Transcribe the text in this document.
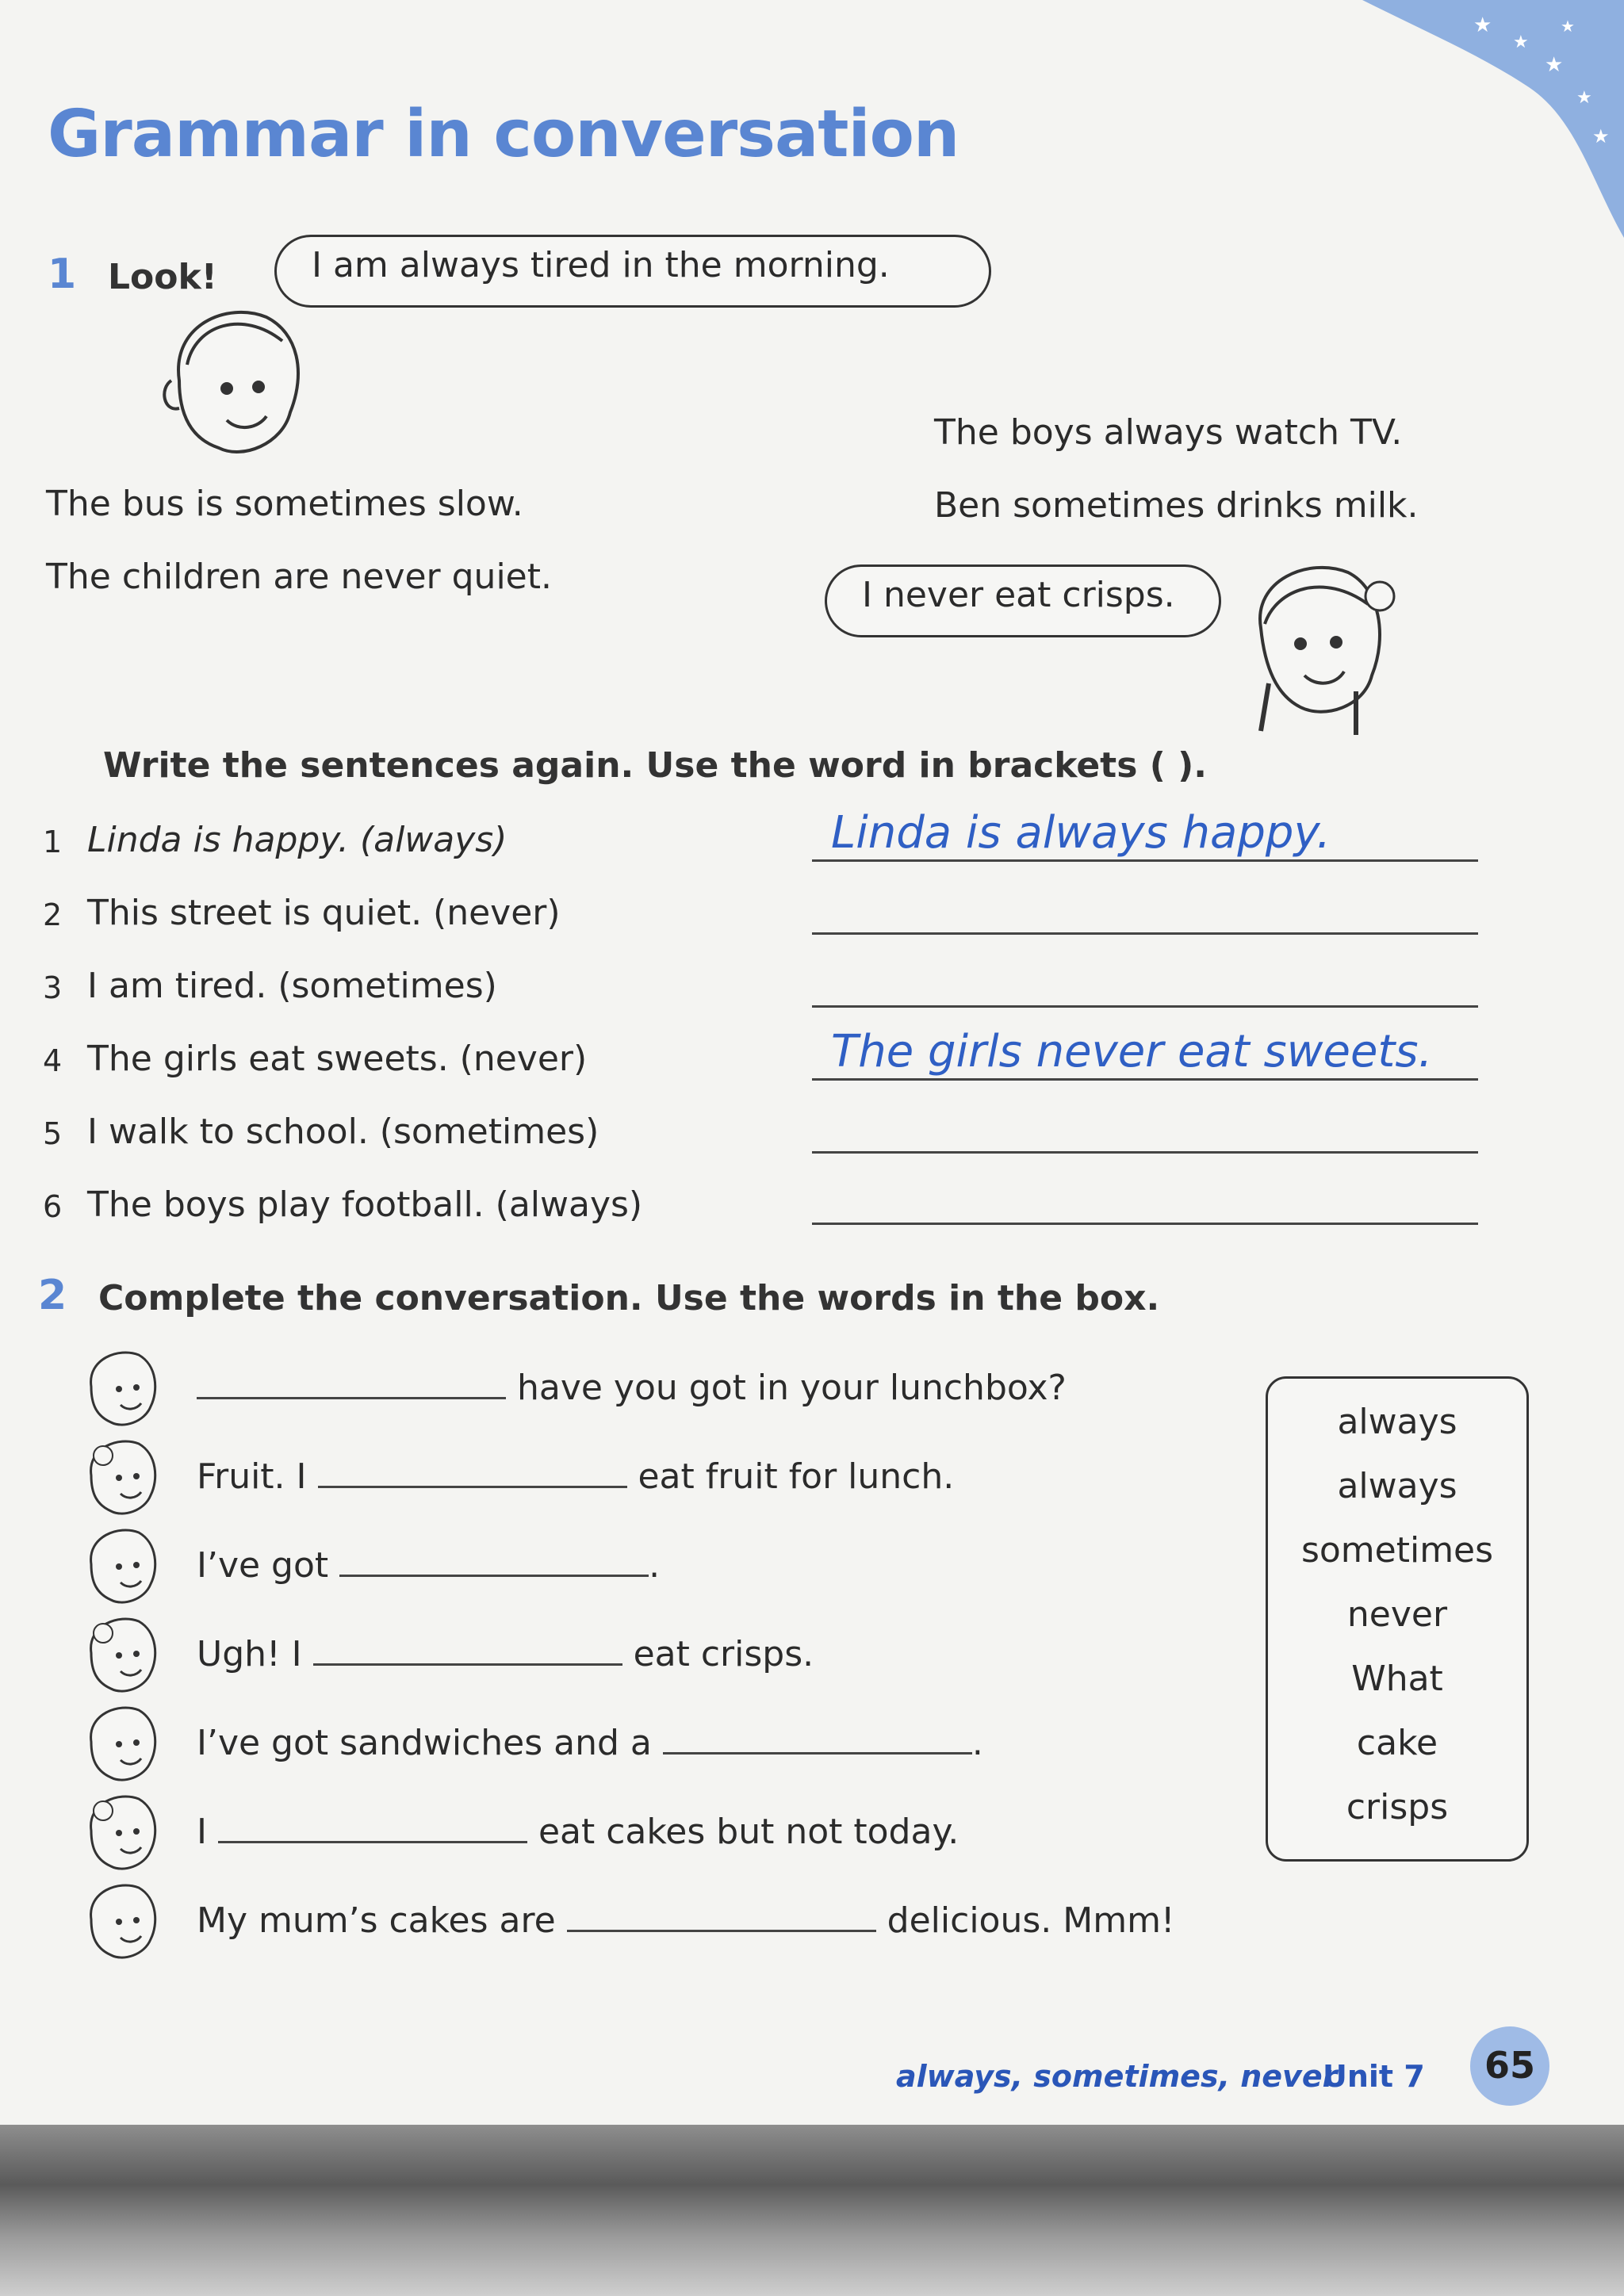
★
★
★
★
★
★
Grammar in conversation
1 Look!	I am always tired in the morning.
The bus is sometimes slow.
The children are never quiet.
The boys always watch TV.
Ben sometimes drinks milk.
I never eat crisps.
Write the sentences again. Use the word in brackets ( ).
1 Linda is happy. (always)	Linda is always happy.
2 This street is quiet. (never)
3 I am tired. (sometimes)
4 The girls eat sweets. (never)	The girls never eat sweets.
5 I walk to school. (sometimes)
6 The boys play football. (always)
2 Complete the conversation. Use the words in the box.
have you got in your lunchbox?
Fruit. I	eat fruit for lunch.
I’ve got	.
Ugh! I	eat crisps.
I’ve got sandwiches and a	.
I	eat cakes but not today.
My mum’s cakes are	delicious. Mmm!
always
always
sometimes
never
What
cake
crisps
always, sometimes, never
Unit 7	65
